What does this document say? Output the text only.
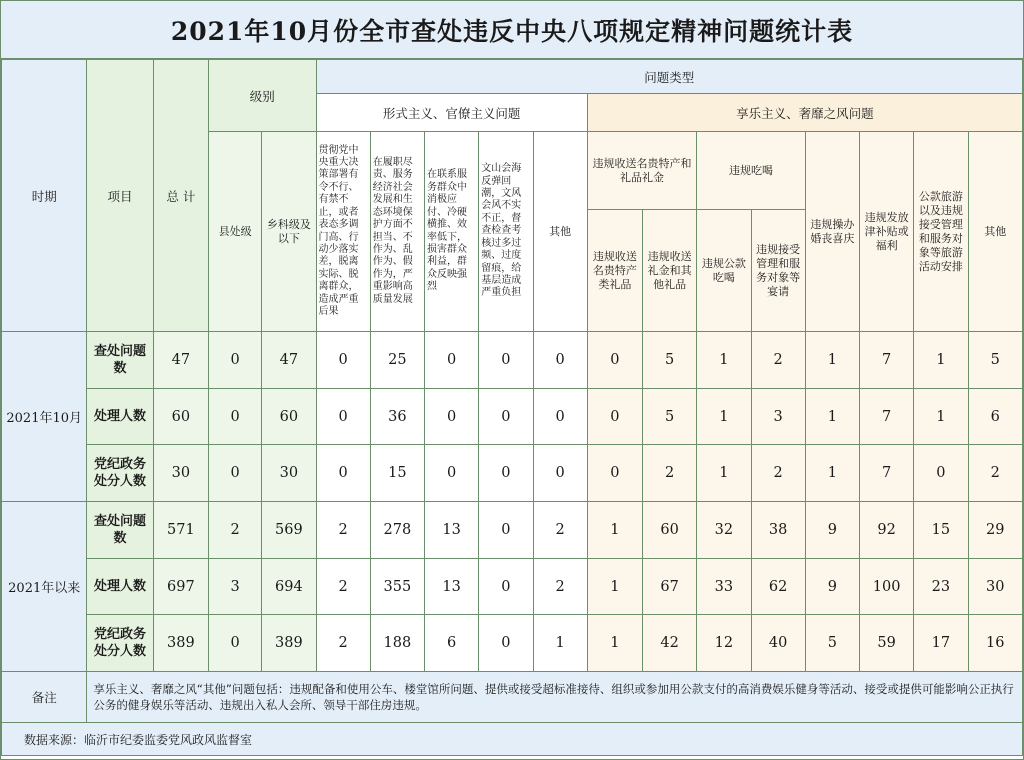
2021年10月份全市查处违反中央八项规定精神问题统计表
时期	项目	总 计	级别		问题类型												
					形式主义、官僚主义问题					享乐主义、奢靡之风问题							
			县处级	乡科级及以下	贯彻党中央重大决策部署有令不行、有禁不止，或者表态多调门高、行动少落实差，脱离实际、脱离群众，造成严重后果	在履职尽责、服务经济社会发展和生态环境保护方面不担当、不作为、乱作为、假作为，严重影响高质量发展	在联系服务群众中消极应付、冷硬横推、效率低下，损害群众利益，群众反映强烈	文山会海反弹回潮，文风会风不实不正，督查检查考核过多过频、过度留痕，给基层造成严重负担	其他	违规收送名贵特产和礼品礼金		违规吃喝		违规操办婚丧喜庆	违规发放津补贴或福利	公款旅游以及违规接受管理和服务对象等旅游活动安排	其他
										违规收送名贵特产类礼品	违规收送礼金和其他礼品	违规公款吃喝	违规接受管理和服务对象等宴请				
2021年10月	查处问题数	47	0	47	0	25	0	0	0	0	5	1	2	1	7	1	5
	处理人数	60	0	60	0	36	0	0	0	0	5	1	3	1	7	1	6
	党纪政务处分人数	30	0	30	0	15	0	0	0	0	2	1	2	1	7	0	2
2021年以来	查处问题数	571	2	569	2	278	13	0	2	1	60	32	38	9	92	15	29
	处理人数	697	3	694	2	355	13	0	2	1	67	33	62	9	100	23	30
	党纪政务处分人数	389	0	389	2	188	6	0	1	1	42	12	40	5	59	17	16
备注	享乐主义、奢靡之风“其他”问题包括：违规配备和使用公车、楼堂馆所问题、提供或接受超标准接待、组织或参加用公款支付的高消费娱乐健身等活动、接受或提供可能影响公正执行公务的健身娱乐等活动、违规出入私人会所、领导干部住房违规。																
数据来源：临沂市纪委监委党风政风监督室																	
